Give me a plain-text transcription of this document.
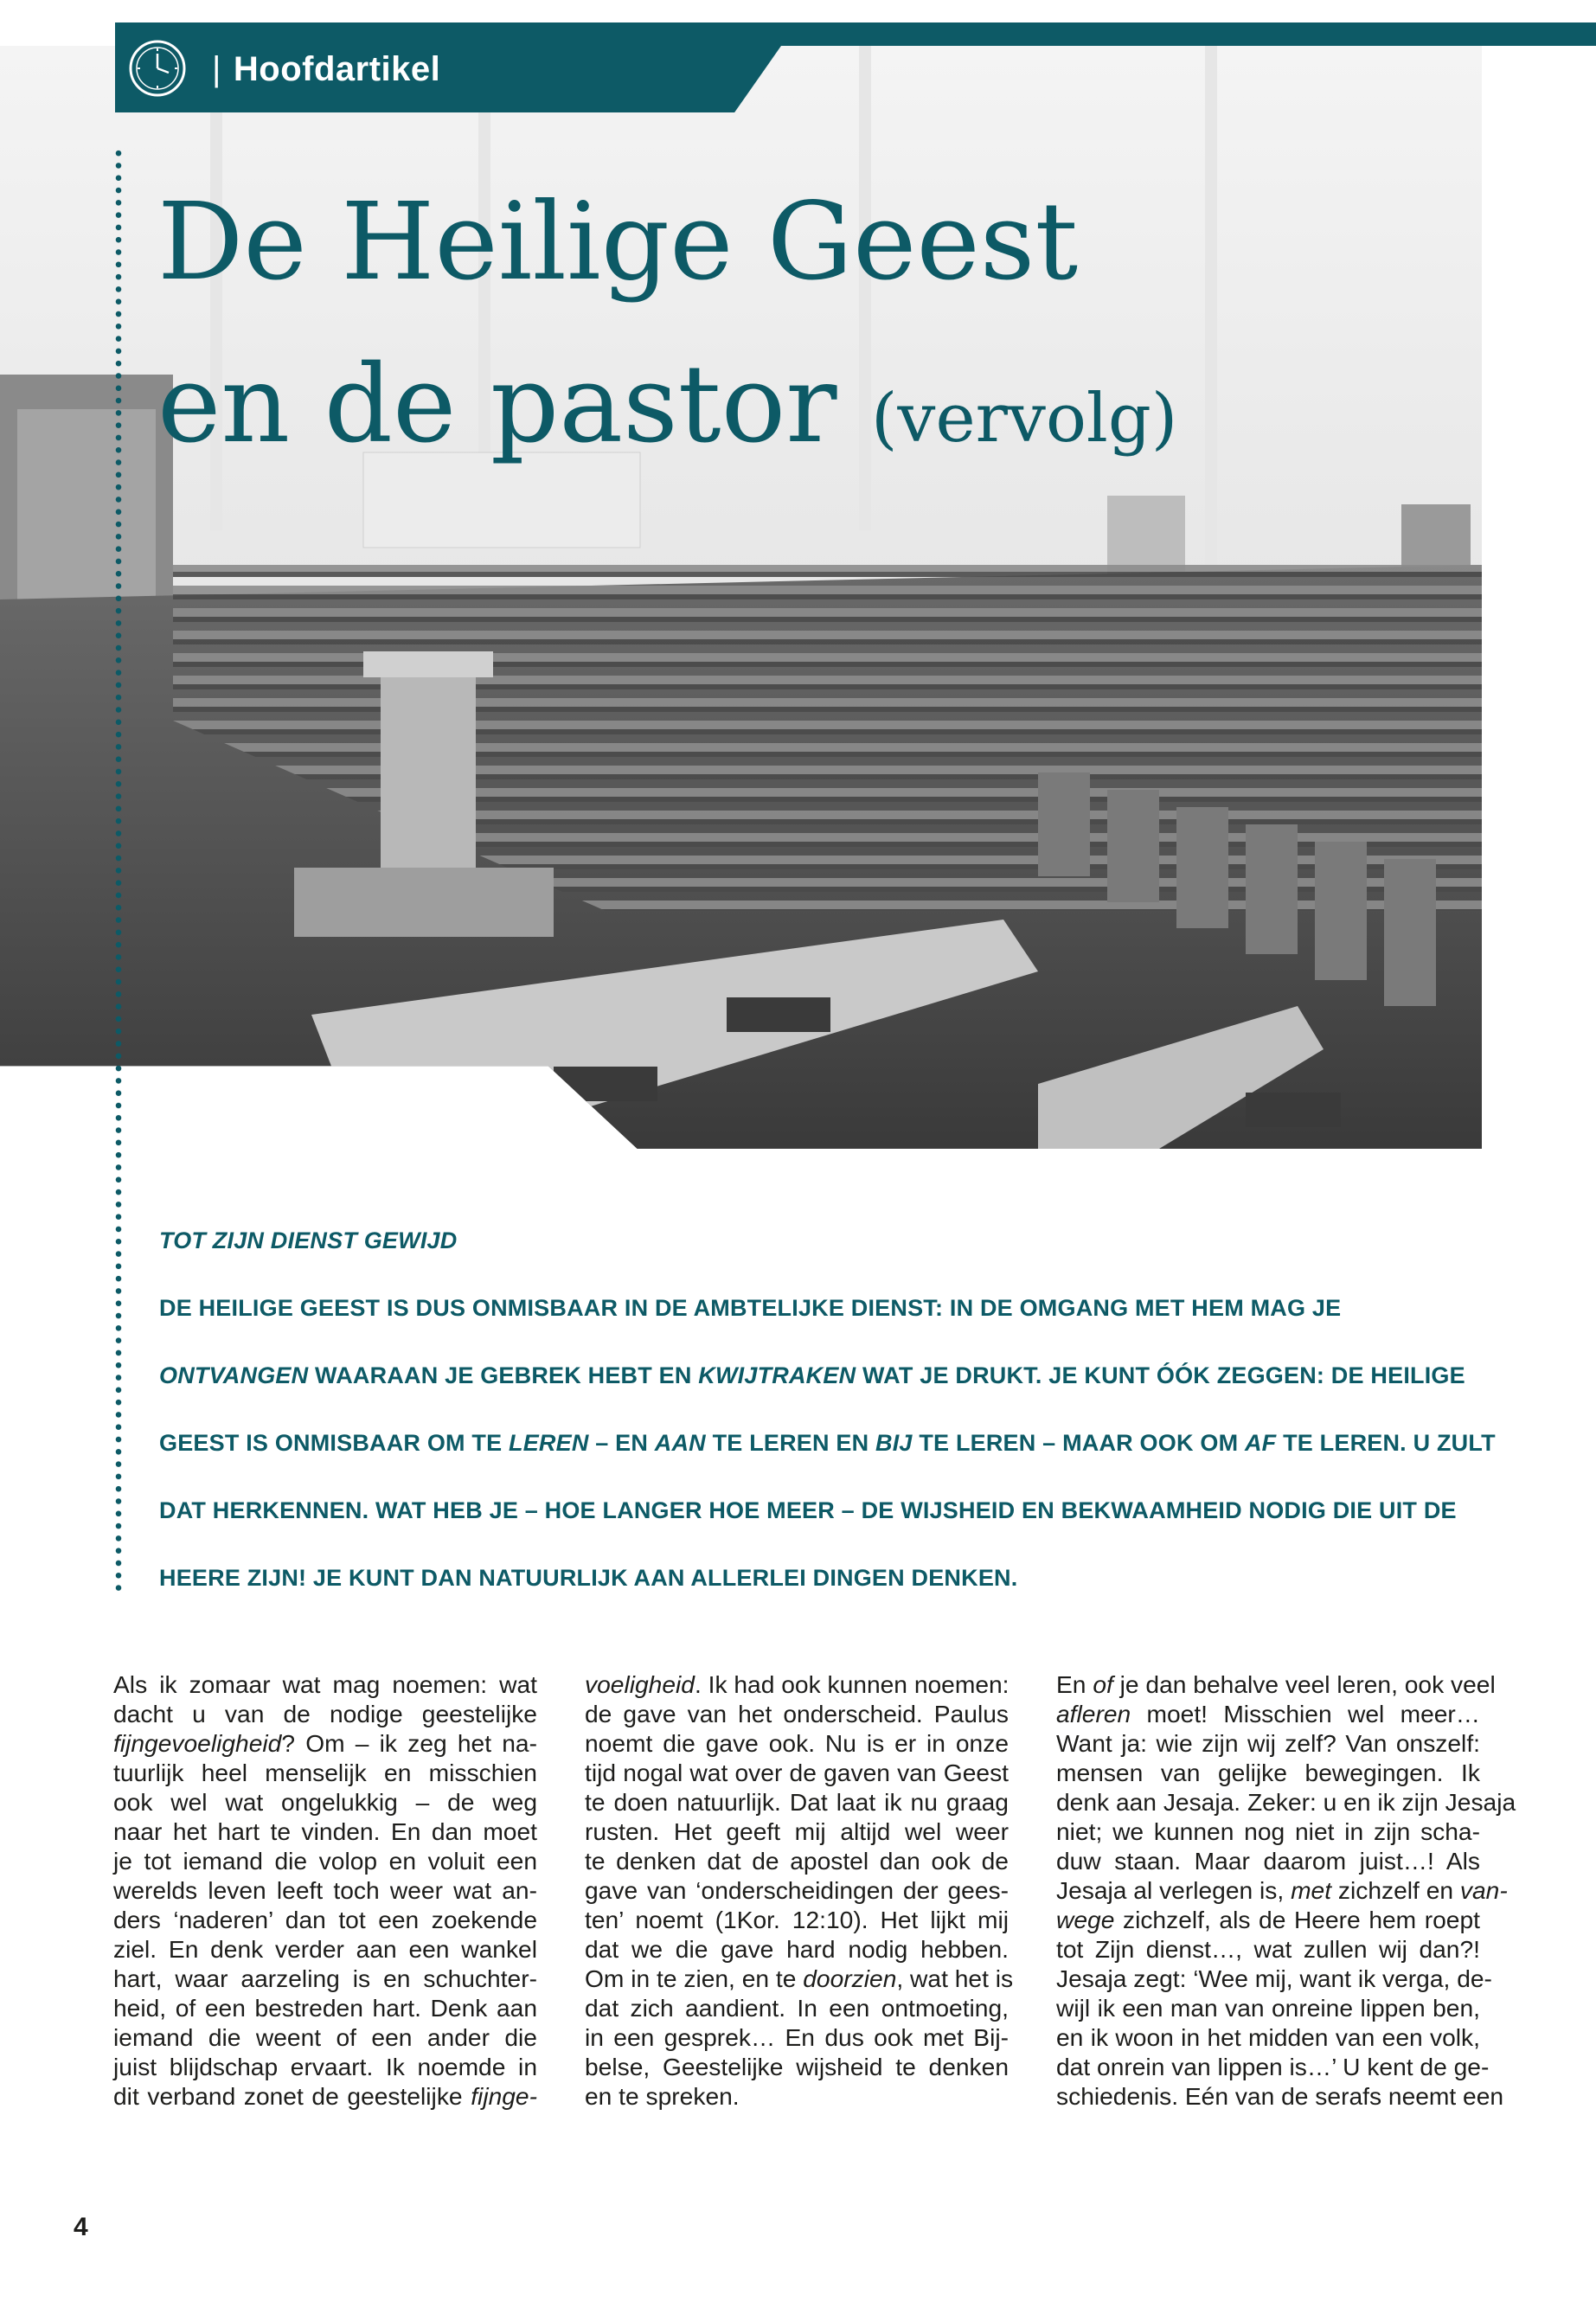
| Hoofdartikel
De Heilige Geest
en de pastor (vervolg)
TOT ZIJN DIENST GEWIJD
DE HEILIGE GEEST IS DUS ONMISBAAR IN DE AMBTELIJKE DIENST: IN DE OMGANG MET HEM MAG JE
ONTVANGEN WAARAAN JE GEBREK HEBT EN KWIJTRAKEN WAT JE DRUKT. JE KUNT ÓÓK ZEGGEN: DE HEILIGE
GEEST IS ONMISBAAR OM TE LEREN – EN AAN TE LEREN EN BIJ TE LEREN – MAAR OOK OM AF TE LEREN. U ZULT
DAT HERKENNEN. WAT HEB JE – HOE LANGER HOE MEER – DE WIJSHEID EN BEKWAAMHEID NODIG DIE UIT DE
HEERE ZIJN! JE KUNT DAN NATUURLIJK AAN ALLERLEI DINGEN DENKEN.
Als ik zomaar wat mag noemen: wat
dacht u van de nodige geestelijke
fijngevoeligheid? Om – ik zeg het na-
tuurlijk heel menselijk en misschien
ook wel wat ongelukkig – de weg
naar het hart te vinden. En dan moet
je tot iemand die volop en voluit een
werelds leven leeft toch weer wat an-
ders ‘naderen’ dan tot een zoekende
ziel. En denk verder aan een wankel
hart, waar aarzeling is en schuchter-
heid, of een bestreden hart. Denk aan
iemand die weent of een ander die
juist blijdschap ervaart. Ik noemde in
dit verband zonet de geestelijke fijnge-
voeligheid. Ik had ook kunnen noemen:
de gave van het onderscheid. Paulus
noemt die gave ook. Nu is er in onze
tijd nogal wat over de gaven van Geest
te doen natuurlijk. Dat laat ik nu graag
rusten. Het geeft mij altijd wel weer
te denken dat de apostel dan ook de
gave van ‘onderscheidingen der gees-
ten’ noemt (1Kor. 12:10). Het lijkt mij
dat we die gave hard nodig hebben.
Om in te zien, en te doorzien, wat het is
dat zich aandient. In een ontmoeting,
in een gesprek… En dus ook met Bij-
belse, Geestelijke wijsheid te denken
en te spreken.
En of je dan behalve veel leren, ook veel
afleren moet! Misschien wel meer…
Want ja: wie zijn wij zelf? Van onszelf:
mensen van gelijke bewegingen. Ik
denk aan Jesaja. Zeker: u en ik zijn Jesaja
niet; we kunnen nog niet in zijn scha-
duw staan. Maar daarom juist…! Als
Jesaja al verlegen is, met zichzelf en van-
wege zichzelf, als de Heere hem roept
tot Zijn dienst…, wat zullen wij dan?!
Jesaja zegt: ‘Wee mij, want ik verga, de-
wijl ik een man van onreine lippen ben,
en ik woon in het midden van een volk,
dat onrein van lippen is…’ U kent de ge-
schiedenis. Eén van de serafs neemt een
4
